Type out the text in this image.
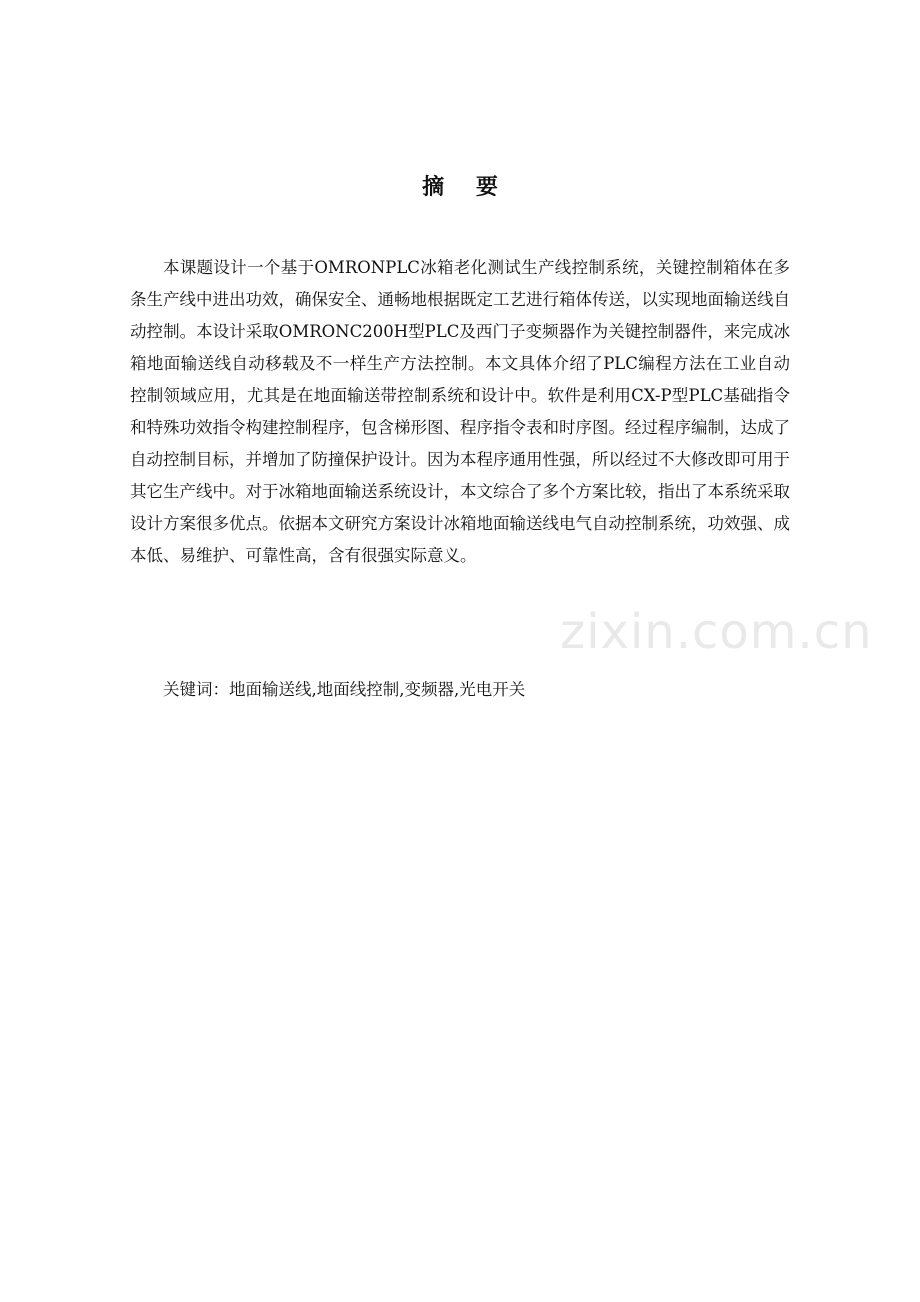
摘 要

本课题设计一个基于OMRONPLC冰箱老化测试生产线控制系统，关键控制箱体在多条生产线中进出功效，确保安全、通畅地根据既定工艺进行箱体传送，以实现地面输送线自动控制。本设计采取OMRONC200H型PLC及西门子变频器作为关键控制器件，来完成冰箱地面输送线自动移载及不一样生产方法控制。本文具体介绍了PLC编程方法在工业自动控制领域应用，尤其是在地面输送带控制系统和设计中。软件是利用CX-P型PLC基础指令和特殊功效指令构建控制程序，包含梯形图、程序指令表和时序图。经过程序编制，达成了自动控制目标，并增加了防撞保护设计。因为本程序通用性强，所以经过不大修改即可用于其它生产线中。对于冰箱地面输送系统设计，本文综合了多个方案比较，指出了本系统采取设计方案很多优点。依据本文研究方案设计冰箱地面输送线电气自动控制系统，功效强、成本低、易维护、可靠性高，含有很强实际意义。

关键词：地面输送线,地面线控制,变频器,光电开关

zixin.com.cn
